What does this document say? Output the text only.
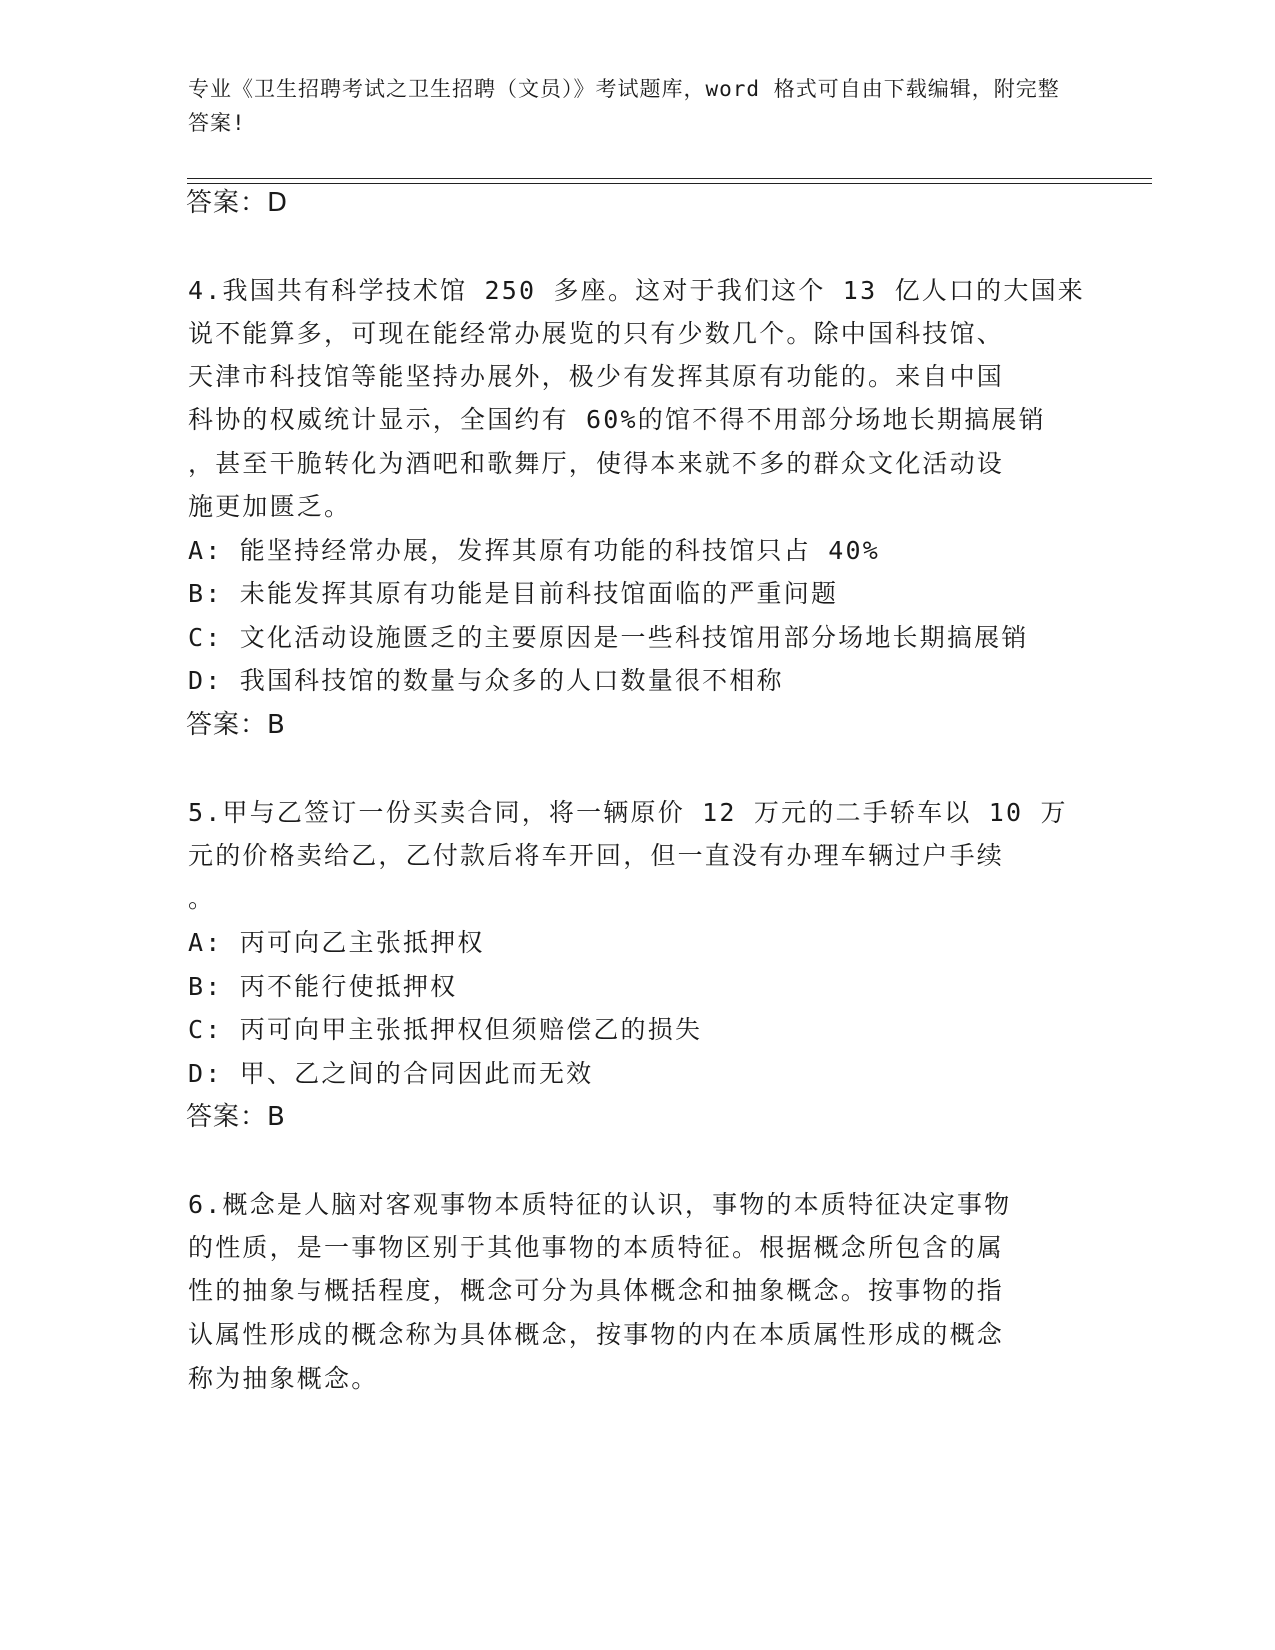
专业《卫生招聘考试之卫生招聘（文员）》考试题库，word 格式可自由下载编辑，附完整答案!
答案：D
4.我国共有科学技术馆 250 多座。这对于我们这个 13 亿人口的大国来
说不能算多，可现在能经常办展览的只有少数几个。除中国科技馆、
天津市科技馆等能坚持办展外，极少有发挥其原有功能的。来自中国
科协的权威统计显示，全国约有 60%的馆不得不用部分场地长期搞展销
，甚至干脆转化为酒吧和歌舞厅，使得本来就不多的群众文化活动设
施更加匮乏。
A: 能坚持经常办展，发挥其原有功能的科技馆只占 40%
B: 未能发挥其原有功能是目前科技馆面临的严重问题
C: 文化活动设施匮乏的主要原因是一些科技馆用部分场地长期搞展销
D: 我国科技馆的数量与众多的人口数量很不相称
答案：B
5.甲与乙签订一份买卖合同，将一辆原价 12 万元的二手轿车以 10 万
元的价格卖给乙，乙付款后将车开回，但一直没有办理车辆过户手续
。
A: 丙可向乙主张抵押权
B: 丙不能行使抵押权
C: 丙可向甲主张抵押权但须赔偿乙的损失
D: 甲、乙之间的合同因此而无效
答案：B
6.概念是人脑对客观事物本质特征的认识，事物的本质特征决定事物
的性质，是一事物区别于其他事物的本质特征。根据概念所包含的属
性的抽象与概括程度，概念可分为具体概念和抽象概念。按事物的指
认属性形成的概念称为具体概念，按事物的内在本质属性形成的概念
称为抽象概念。
